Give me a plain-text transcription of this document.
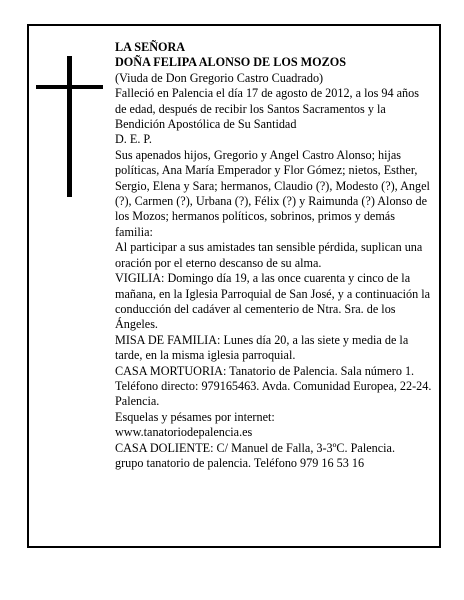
LA SEÑORA

DOÑA FELIPA ALONSO DE LOS MOZOS

(Viuda de Don Gregorio Castro Cuadrado)

Falleció en Palencia el día 17 de agosto de 2012, a los 94 años de edad, después de recibir los Santos Sacramentos y la Bendición Apostólica de Su Santidad

D. E. P.

Sus apenados hijos, Gregorio y Angel Castro Alonso; hijas políticas, Ana María Emperador y Flor Gómez; nietos, Esther, Sergio, Elena y Sara; hermanos, Claudio (?), Modesto (?), Angel (?), Carmen (?), Urbana (?), Félix (?) y Raimunda (?) Alonso de los Mozos; hermanos políticos, sobrinos, primos y demás familia:

Al participar a sus amistades tan sensible pérdida, suplican una oración por el eterno descanso de su alma.

VIGILIA: Domingo día 19, a las once cuarenta y cinco de la mañana, en la Iglesia Parroquial de San José, y a continuación la conducción del cadáver al cementerio de Ntra. Sra. de los Ángeles.

MISA DE FAMILIA: Lunes día 20, a las siete y media de la tarde, en la misma iglesia parroquial.

CASA MORTUORIA: Tanatorio de Palencia. Sala número 1. Teléfono directo: 979165463. Avda. Comunidad Europea, 22-24. Palencia.

Esquelas y pésames por internet:

www.tanatoriodepalencia.es

CASA DOLIENTE: C/ Manuel de Falla, 3-3ºC. Palencia.

grupo tanatorio de palencia. Teléfono 979 16 53 16
